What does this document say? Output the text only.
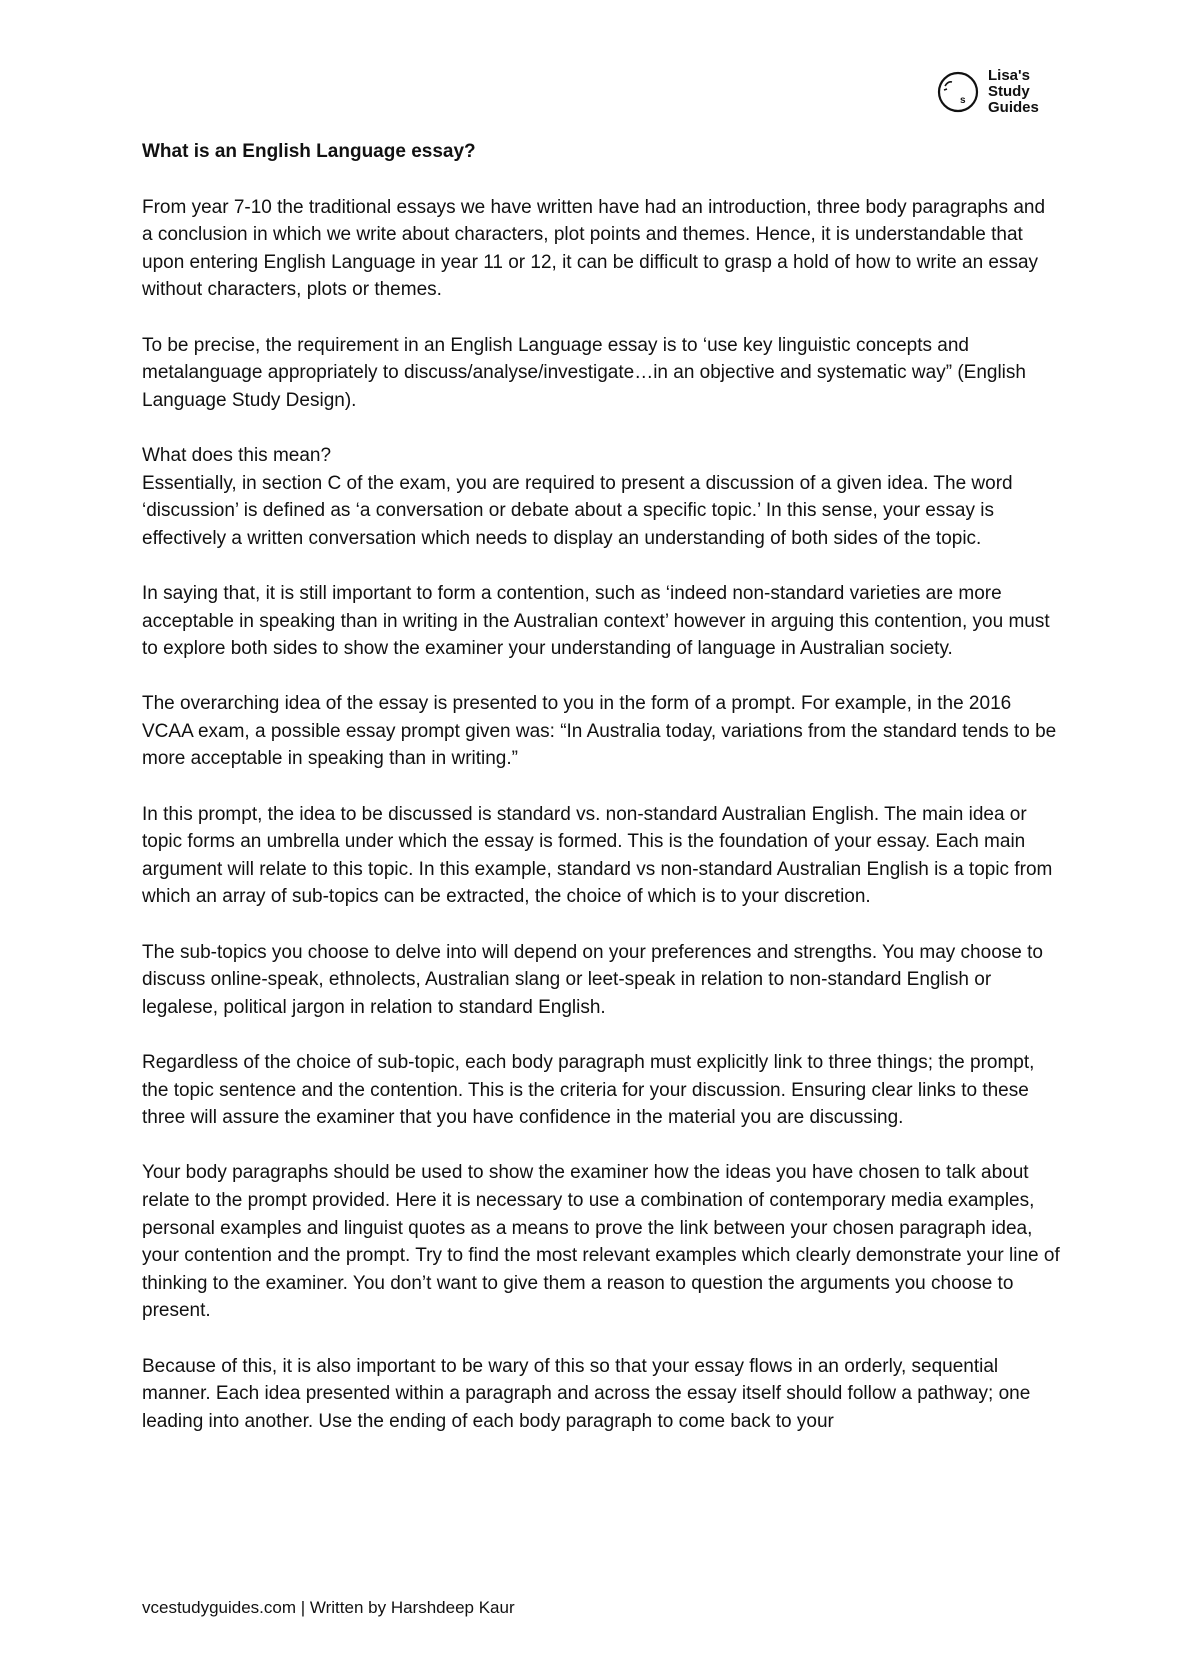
s
Lisa's
Study
Guides
What is an English Language essay?

From year 7-10 the traditional essays we have written have had an introduction, three body paragraphs and a conclusion in which we write about characters, plot points and themes. Hence, it is understandable that upon entering English Language in year 11 or 12, it can be difficult to grasp a hold of how to write an essay without characters, plots or themes.

To be precise, the requirement in an English Language essay is to ‘use key linguistic concepts and metalanguage appropriately to discuss/analyse/investigate…in an objective and systematic way” (English Language Study Design).

What does this mean?

Essentially, in section C of the exam, you are required to present a discussion of a given idea. The word ‘discussion’ is defined as ‘a conversation or debate about a specific topic.’ In this sense, your essay is effectively a written conversation which needs to display an understanding of both sides of the topic.

In saying that, it is still important to form a contention, such as ‘indeed non-standard varieties are more acceptable in speaking than in writing in the Australian context’ however in arguing this contention, you must to explore both sides to show the examiner your understanding of language in Australian society.

The overarching idea of the essay is presented to you in the form of a prompt. For example, in the 2016 VCAA exam, a possible essay prompt given was: “In Australia today, variations from the standard tends to be more acceptable in speaking than in writing.”

In this prompt, the idea to be discussed is standard vs. non-standard Australian English. The main idea or topic forms an umbrella under which the essay is formed. This is the foundation of your essay. Each main argument will relate to this topic. In this example, standard vs non-standard Australian English is a topic from which an array of sub-topics can be extracted, the choice of which is to your discretion.

The sub-topics you choose to delve into will depend on your preferences and strengths. You may choose to discuss online-speak, ethnolects, Australian slang or leet-speak in relation to non-standard English or legalese, political jargon in relation to standard English.

Regardless of the choice of sub-topic, each body paragraph must explicitly link to three things; the prompt, the topic sentence and the contention. This is the criteria for your discussion. Ensuring clear links to these three will assure the examiner that you have confidence in the material you are discussing.

Your body paragraphs should be used to show the examiner how the ideas you have chosen to talk about relate to the prompt provided. Here it is necessary to use a combination of contemporary media examples, personal examples and linguist quotes as a means to prove the link between your chosen paragraph idea, your contention and the prompt. Try to find the most relevant examples which clearly demonstrate your line of thinking to the examiner. You don’t want to give them a reason to question the arguments you choose to present.

Because of this, it is also important to be wary of this so that your essay flows in an orderly, sequential manner. Each idea presented within a paragraph and across the essay itself should follow a pathway; one leading into another. Use the ending of each body paragraph to come back to your

vcestudyguides.com | Written by Harshdeep Kaur
